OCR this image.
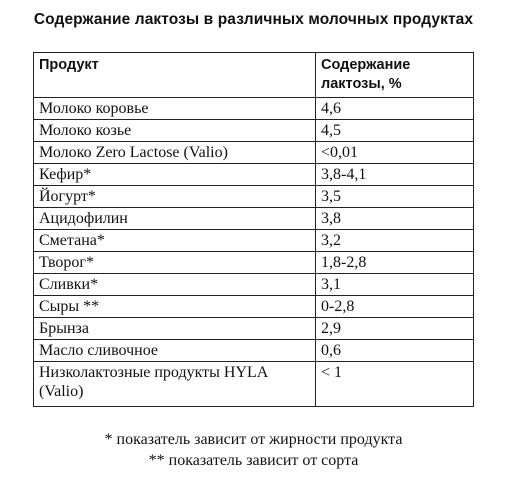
Содержание лактозы в различных молочных продуктах
Продукт	Содержание лактозы, %
Молоко коровье	4,6
Молоко козье	4,5
Молоко Zero Lactose (Valio)	<0,01
Кефир*	3,8-4,1
Йогурт*	3,5
Ацидофилин	3,8
Сметана*	3,2
Творог*	1,8-2,8
Сливки*	3,1
Сыры **	0-2,8
Брынза	2,9
Масло сливочное	0,6
Низколактозные продукты HYLA (Valio)	< 1
* показатель зависит от жирности продукта
** показатель зависит от сорта
